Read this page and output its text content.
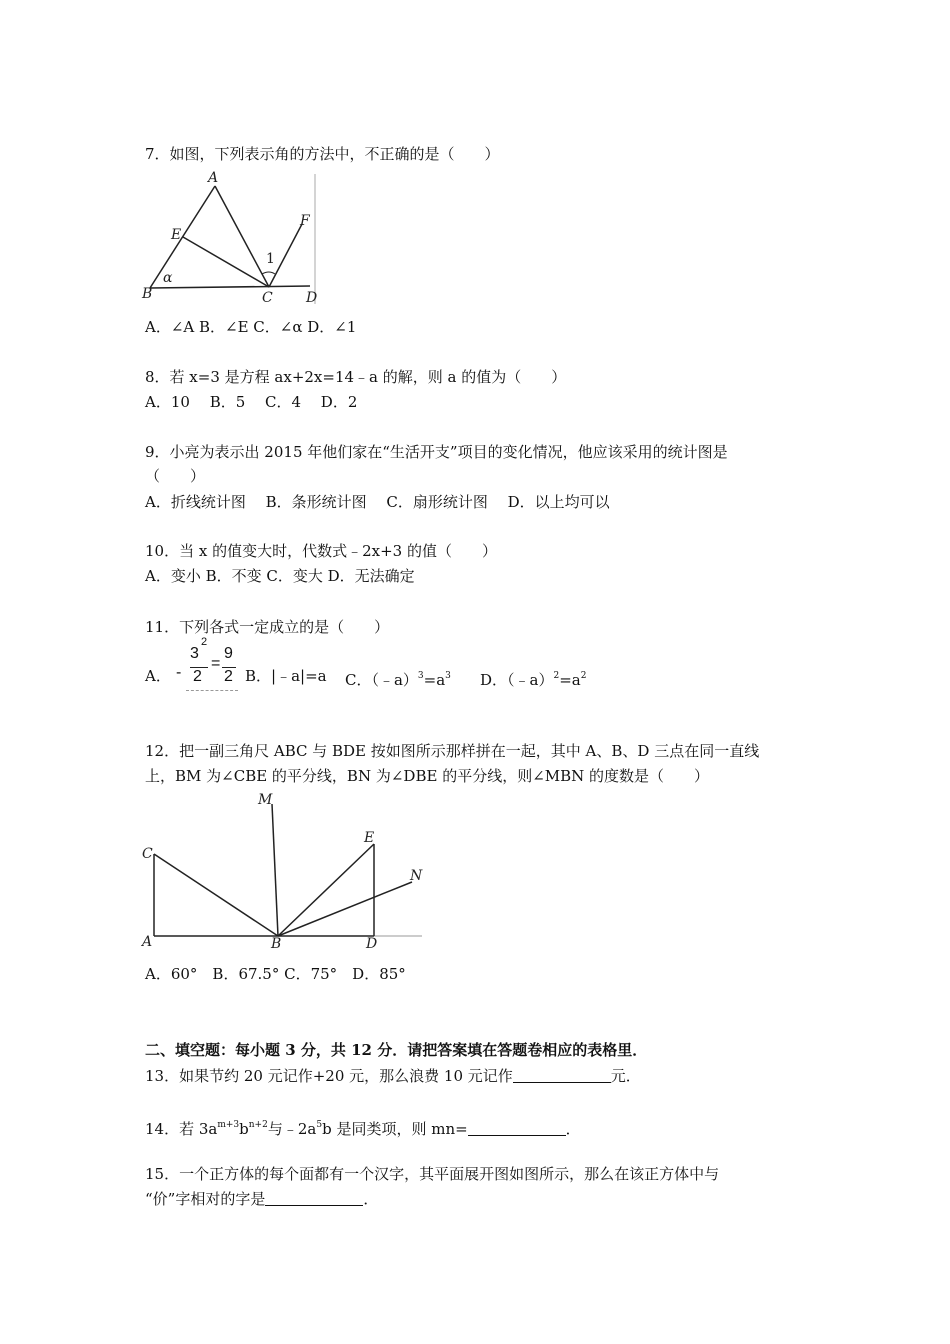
7．如图，下列表示角的方法中，不正确的是（　　）
A
E
F
1
α
B	C D
A．∠A B．∠E C．∠α D．∠1
8．若 x=3 是方程 ax+2x=14﹣a 的解，则 a 的值为（　　）
A．10　 B．5　 C．4　 D．2
9．小亮为表示出 2015 年他们家在“生活开支”项目的变化情况，他应该采用的统计图是
（　　）
A．折线统计图　 B．条形统计图　 C．扇形统计图　 D．以上均可以
10．当 x 的值变大时，代数式﹣2x+3 的值（　　）
A．变小 B．不变 C．变大 D．无法确定
11．下列各式一定成立的是（　　）
A． -
3
2
2
=
9
2 B．|﹣a|=a C．$(﹣a)^3=a^3$ D．$(﹣a)^2=a^2$
12．把一副三角尺 ABC 与 BDE 按如图所示那样拼在一起，其中 A、B、D 三点在同一直线
上，BM 为∠CBE 的平分线，BN 为∠DBE 的平分线，则∠MBN 的度数是（　　）
M
C
E
N
A	B	D
A．60°　B．67.5° C．75°　D．85°
二、填空题：每小题 3 分，共 12 分．请把答案填在答题卷相应的表格里．
13．如果节约 20 元记作+20 元，那么浪费 10 元记作	元．
14．若 $3a^{m+3}b^{n+2}$与$﹣2a^5b$ 是同类项，则 mn=	．
15．一个正方体的每个面都有一个汉字，其平面展开图如图所示，那么在该正方体中与
“价”字相对的字是	．
